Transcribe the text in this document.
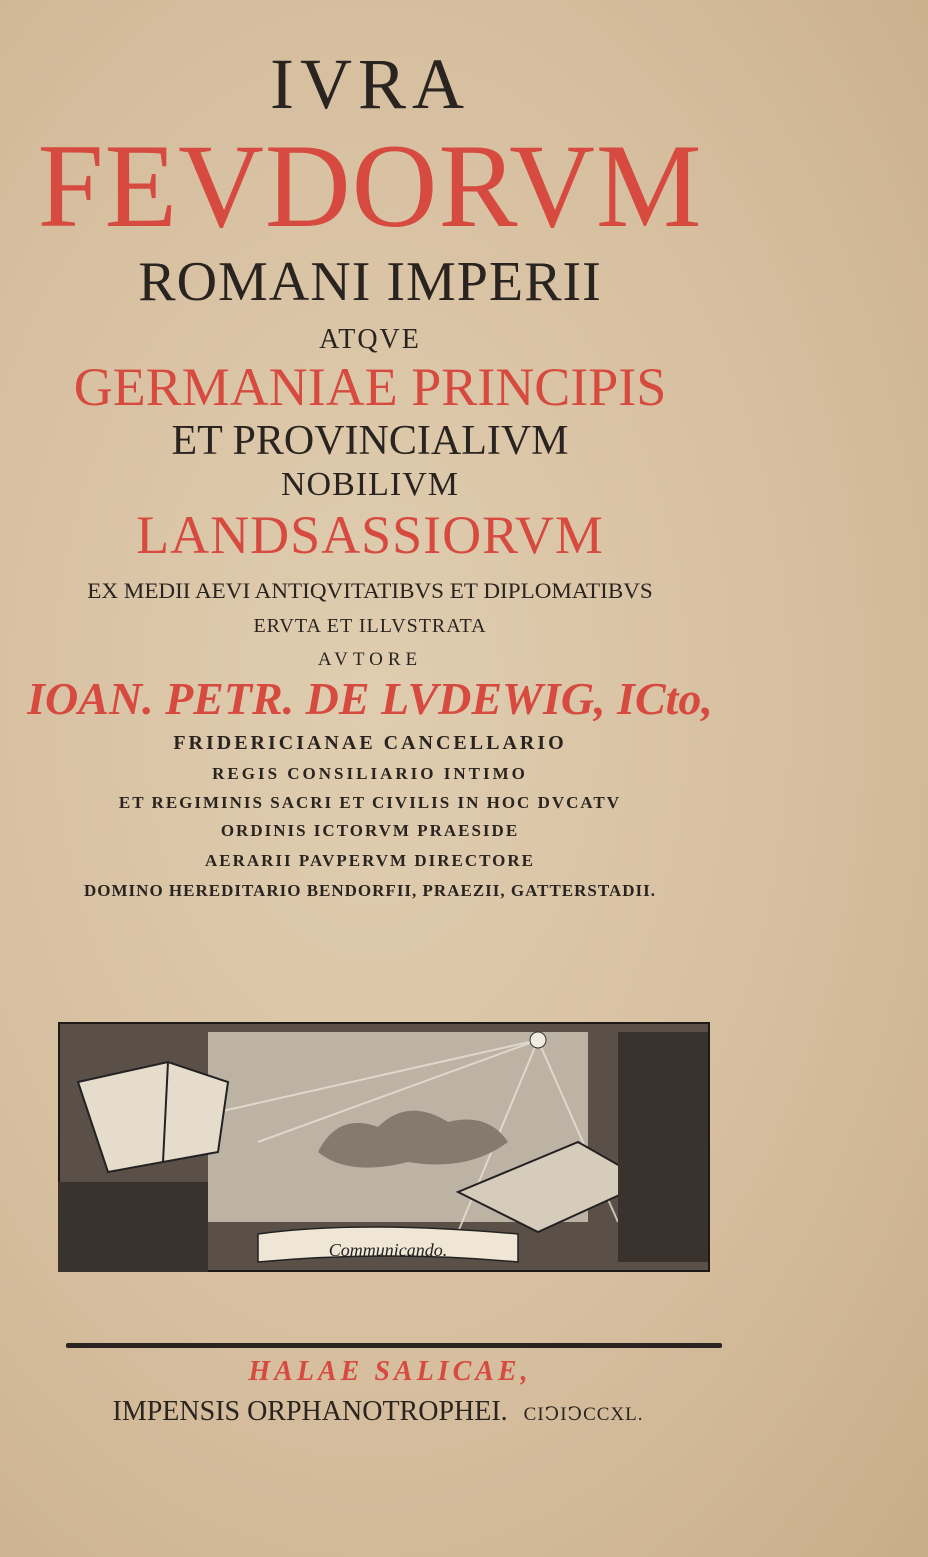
IVRA
FEVDORVM
ROMANI IMPERII
ATQVE
GERMANIAE PRINCIPIS
ET PROVINCIALIVM
NOBILIVM
LANDSASSIORVM
EX MEDII AEVI ANTIQVITATIBVS ET DIPLOMATIBVS
ERVTA ET ILLVSTRATA
AVTORE
IOAN. PETR. DE LVDEWIG, ICto,
FRIDERICIANAE CANCELLARIO
REGIS CONSILIARIO INTIMO
ET REGIMINIS SACRI ET CIVILIS IN HOC DVCATV
ORDINIS ICTORVM PRAESIDE
AERARII PAVPERVM DIRECTORE
DOMINO HEREDITARIO BENDORFII, PRAEZII, GATTERSTADII.
Communicando.
HALAE SALICAE,
IMPENSIS ORPHANOTROPHEI. CIↃIↃCCXL.
